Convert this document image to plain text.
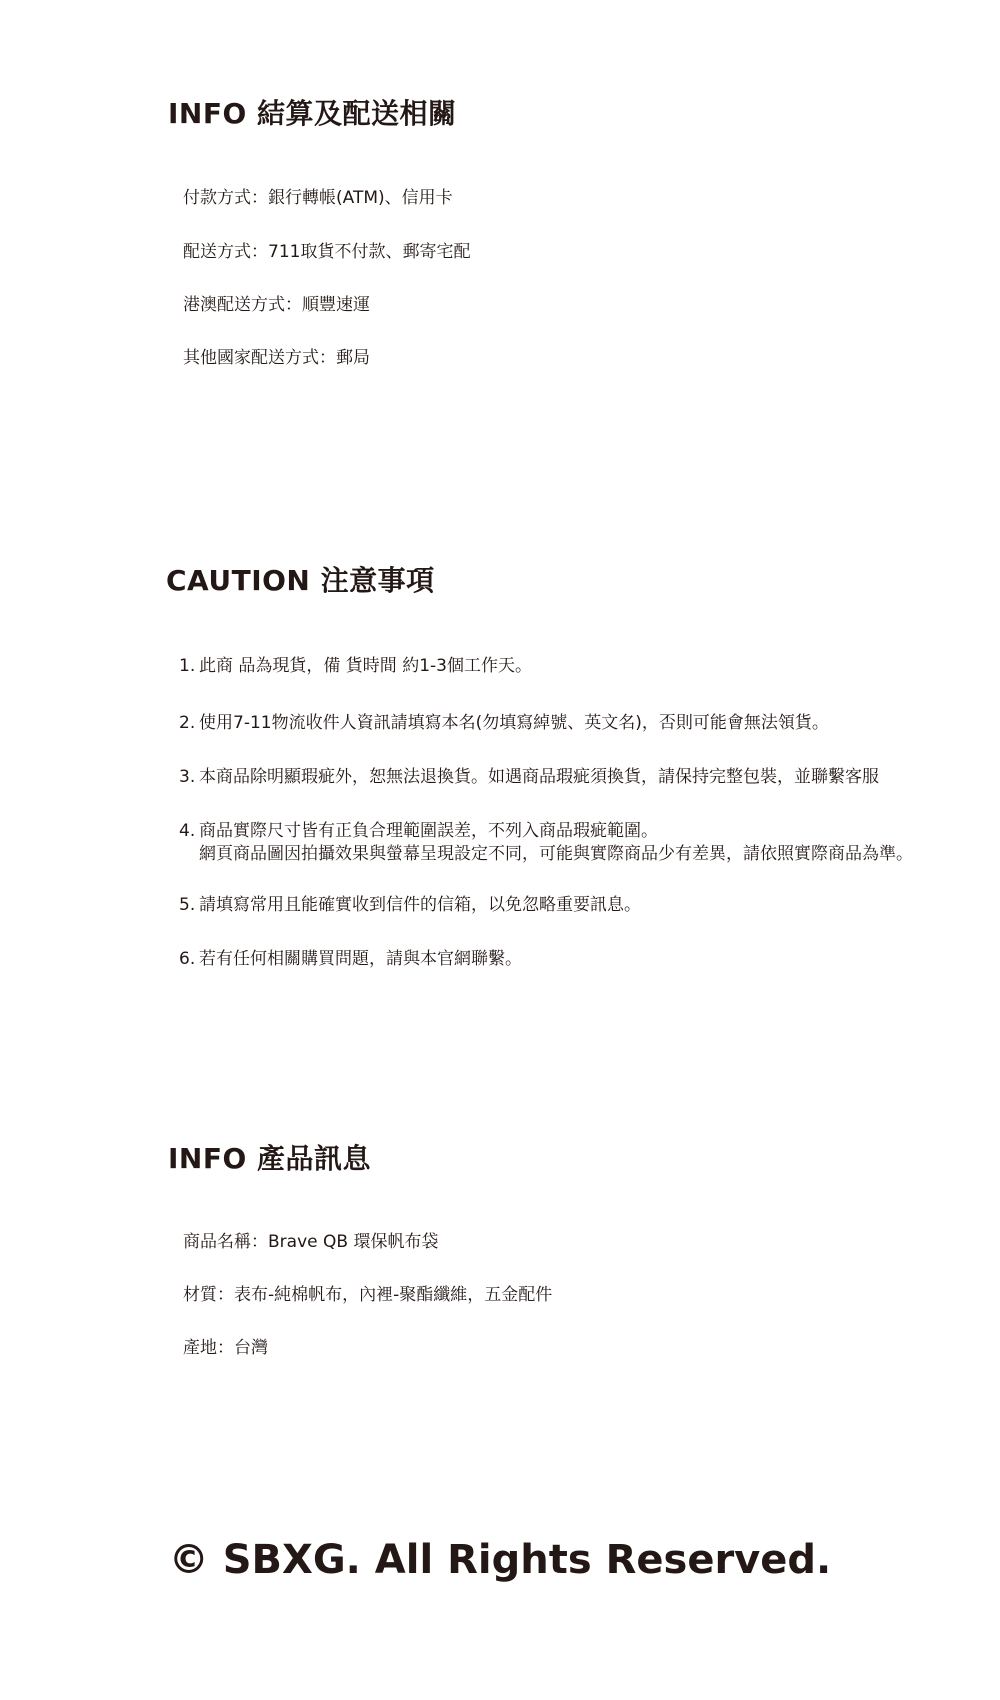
INFO 結算及配送相關

付款方式：銀行轉帳(ATM)、信用卡

配送方式：711取貨不付款、郵寄宅配

港澳配送方式：順豐速運

其他國家配送方式：郵局

CAUTION 注意事項
1. 此商 品為現貨，備 貨時間 約1-3個工作天。
2. 使用7-11物流收件人資訊請填寫本名(勿填寫綽號、英文名)，否則可能會無法領貨。
3. 本商品除明顯瑕疵外，恕無法退換貨。如遇商品瑕疵須換貨，請保持完整包裝，並聯繫客服
4. 商品實際尺寸皆有正負合理範圍誤差，不列入商品瑕疵範圍。
網頁商品圖因拍攝效果與螢幕呈現設定不同，可能與實際商品少有差異，請依照實際商品為準。
5. 請填寫常用且能確實收到信件的信箱，以免忽略重要訊息。
6. 若有任何相關購買問題，請與本官網聯繫。
INFO 產品訊息

商品名稱：Brave QB 環保帆布袋

材質：表布-純棉帆布，內裡-聚酯纖維，五金配件

產地：台灣

© SBXG. All Rights Reserved.
